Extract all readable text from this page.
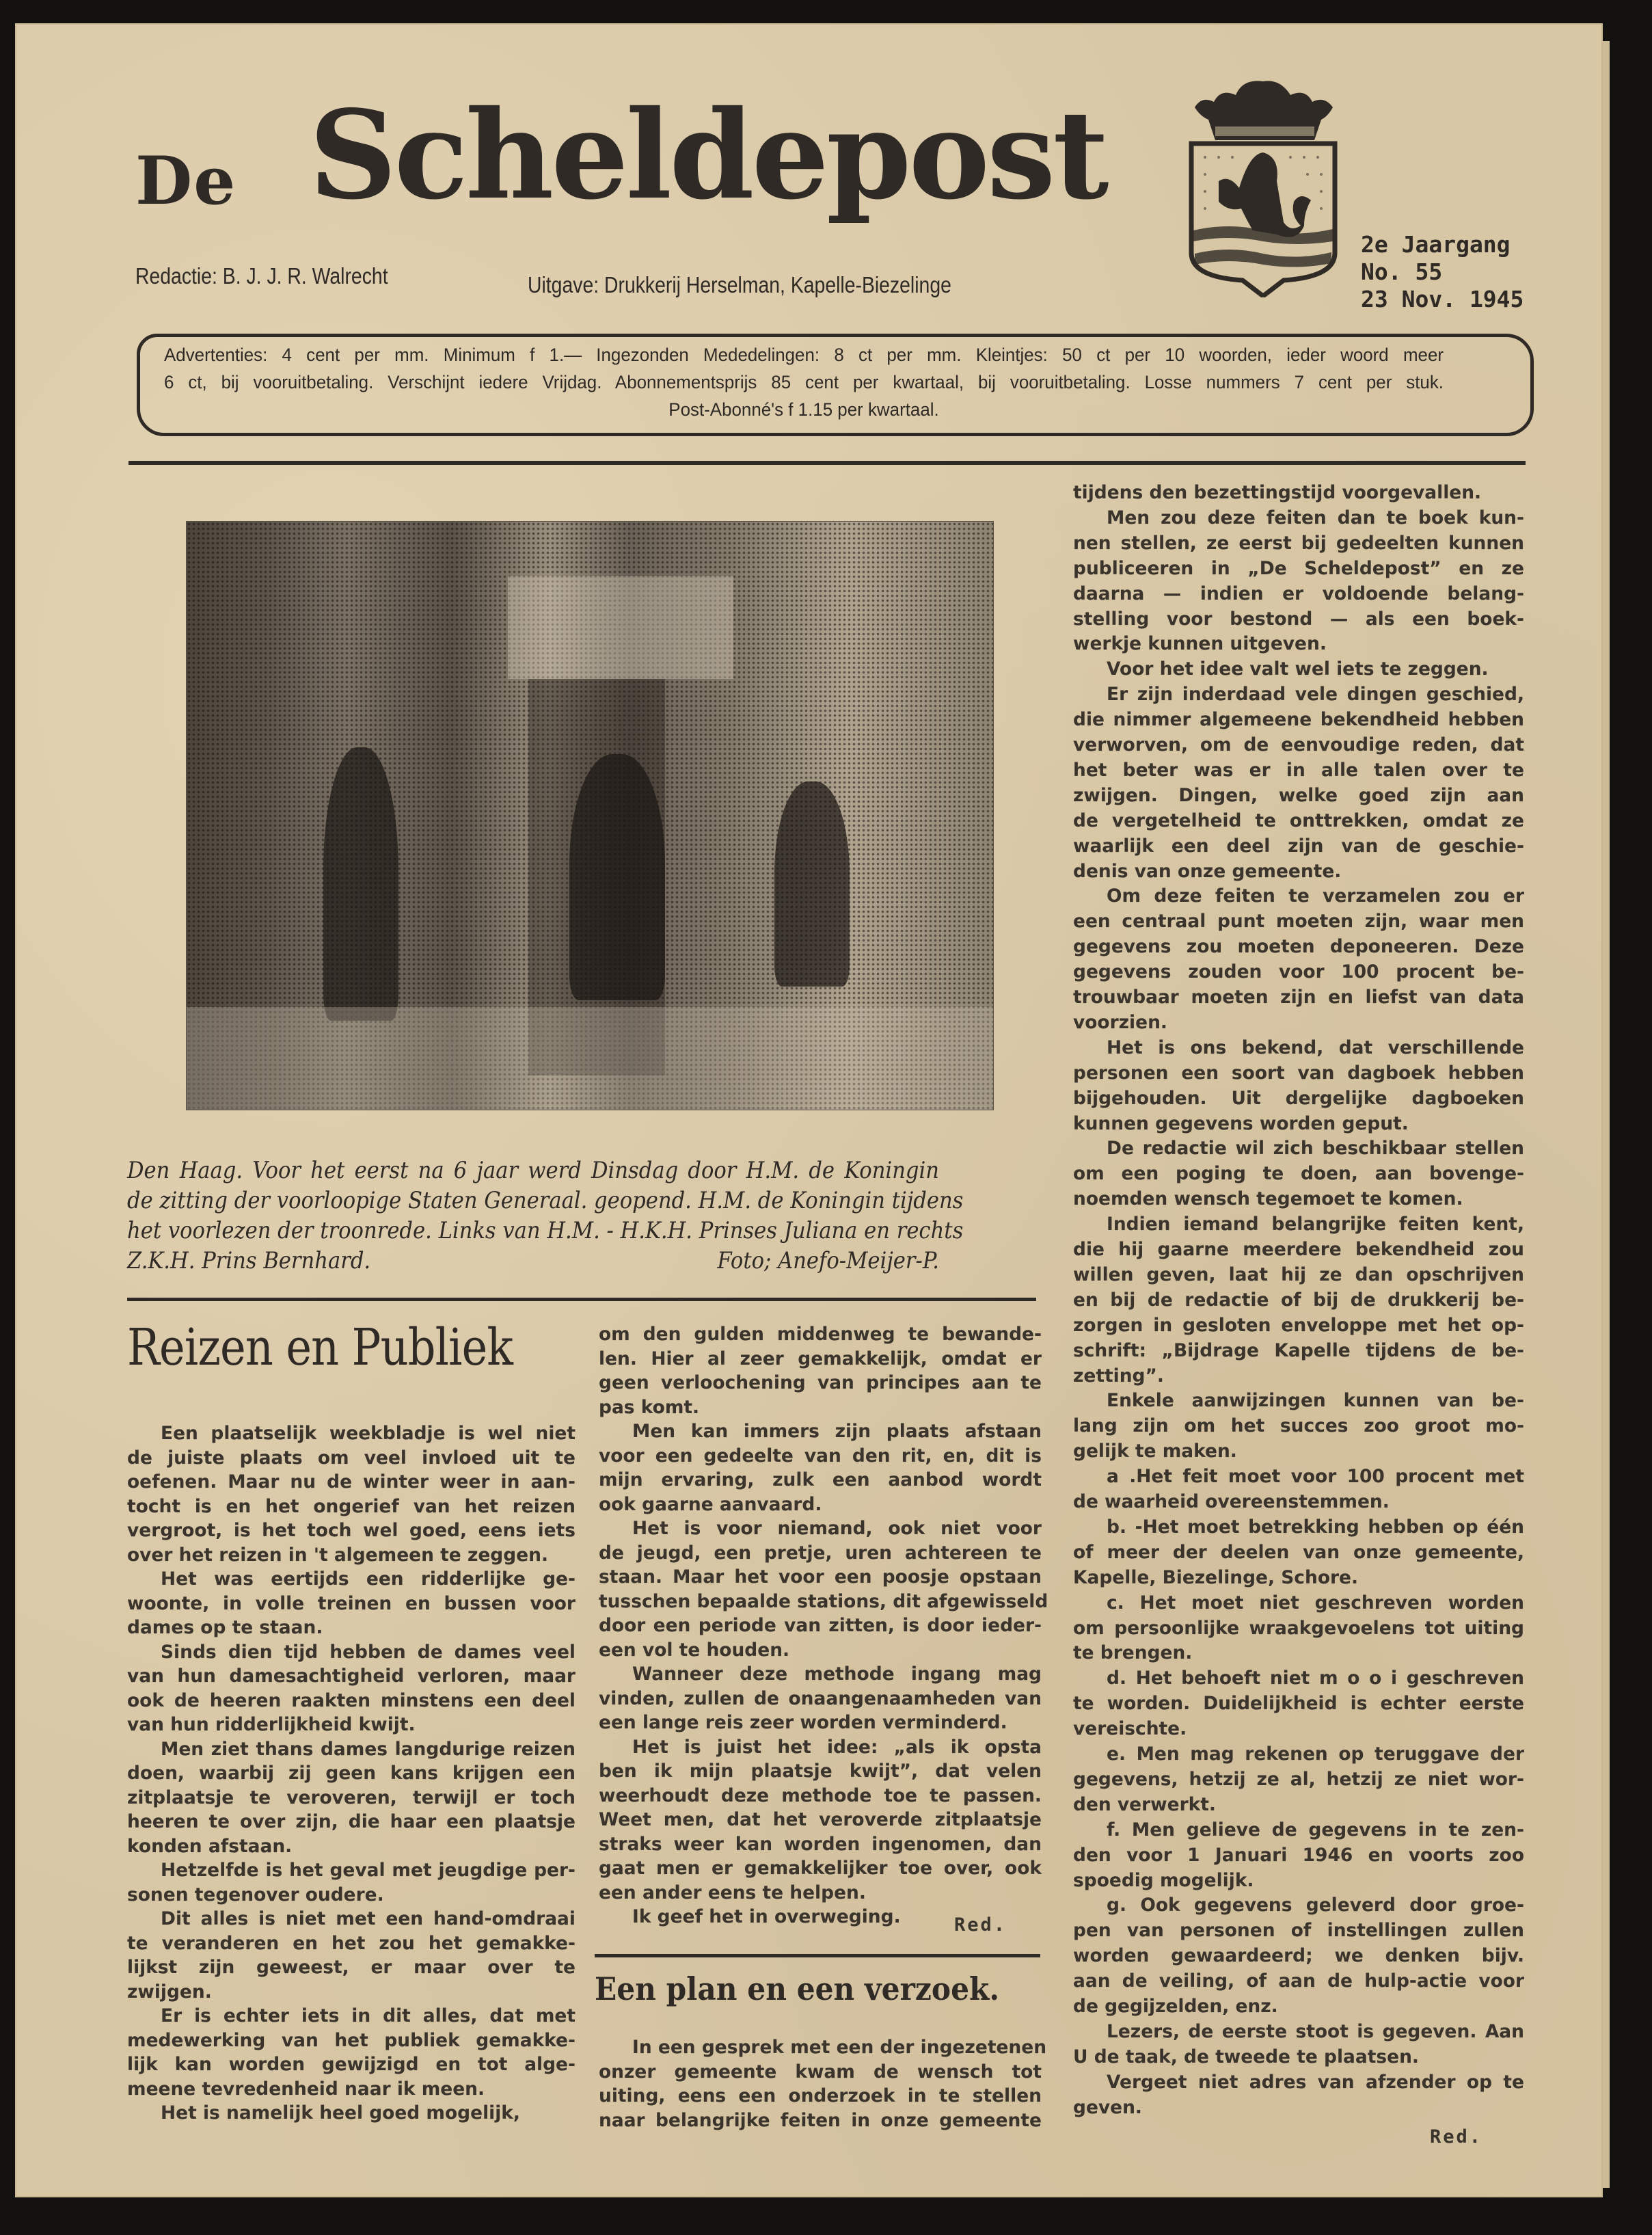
De Scheldepost
Redactie: B. J. J. R. Walrecht	Uitgave: Drukkerij Herselman, Kapelle-Biezelinge
2e Jaargang
No. 55
23 Nov. 1945
Advertenties: 4 cent per mm. Minimum f 1.— Ingezonden Mededelingen: 8 ct per mm. Kleintjes: 50 ct per 10 woorden, ieder woord meer
6 ct, bij vooruitbetaling. Verschijnt iedere Vrijdag. Abonnementsprijs 85 cent per kwartaal, bij vooruitbetaling. Losse nummers 7 cent per stuk.
Post-Abonné's f 1.15 per kwartaal.
Den Haag. Voor het eerst na 6 jaar werd Dinsdag door H.M. de Koningin
de zitting der voorloopige Staten Generaal. geopend. H.M. de Koningin tijdens
het voorlezen der troonrede. Links van H.M. - H.K.H. Prinses Juliana en rechts
Z.K.H. Prins Bernhard.	Foto; Anefo-Meijer-P.
Reizen en Publiek
Een plaatselijk weekbladje is wel niet
de juiste plaats om veel invloed uit te
oefenen. Maar nu de winter weer in aan-
tocht is en het ongerief van het reizen
vergroot, is het toch wel goed, eens iets
over het reizen in 't algemeen te zeggen.
Het was eertijds een ridderlijke ge-
woonte, in volle treinen en bussen voor
dames op te staan.
Sinds dien tijd hebben de dames veel
van hun damesachtigheid verloren, maar
ook de heeren raakten minstens een deel
van hun ridderlijkheid kwijt.
Men ziet thans dames langdurige reizen
doen, waarbij zij geen kans krijgen een
zitplaatsje te veroveren, terwijl er toch
heeren te over zijn, die haar een plaatsje
konden afstaan.
Hetzelfde is het geval met jeugdige per-
sonen tegenover oudere.
Dit alles is niet met een hand-omdraai
te veranderen en het zou het gemakke-
lijkst zijn geweest, er maar over te
zwijgen.
Er is echter iets in dit alles, dat met
medewerking van het publiek gemakke-
lijk kan worden gewijzigd en tot alge-
meene tevredenheid naar ik meen.
Het is namelijk heel goed mogelijk,
om den gulden middenweg te bewande-
len. Hier al zeer gemakkelijk, omdat er
geen verloochening van principes aan te
pas komt.
Men kan immers zijn plaats afstaan
voor een gedeelte van den rit, en, dit is
mijn ervaring, zulk een aanbod wordt
ook gaarne aanvaard.
Het is voor niemand, ook niet voor
de jeugd, een pretje, uren achtereen te
staan. Maar het voor een poosje opstaan
tusschen bepaalde stations, dit afgewisseld
door een periode van zitten, is door ieder-
een vol te houden.
Wanneer deze methode ingang mag
vinden, zullen de onaangenaamheden van
een lange reis zeer worden verminderd.
Het is juist het idee: „als ik opsta
ben ik mijn plaatsje kwijt”, dat velen
weerhoudt deze methode toe te passen.
Weet men, dat het veroverde zitplaatsje
straks weer kan worden ingenomen, dan
gaat men er gemakkelijker toe over, ook
een ander eens te helpen.
Ik geef het in overweging.	Red.
Een plan en een verzoek.
In een gesprek met een der ingezetenen
onzer gemeente kwam de wensch tot
uiting, eens een onderzoek in te stellen
naar belangrijke feiten in onze gemeente
tijdens den bezettingstijd voorgevallen.
Men zou deze feiten dan te boek kun-
nen stellen, ze eerst bij gedeelten kunnen
publiceeren in „De Scheldepost” en ze
daarna — indien er voldoende belang-
stelling voor bestond — als een boek-
werkje kunnen uitgeven.
Voor het idee valt wel iets te zeggen.
Er zijn inderdaad vele dingen geschied,
die nimmer algemeene bekendheid hebben
verworven, om de eenvoudige reden, dat
het beter was er in alle talen over te
zwijgen. Dingen, welke goed zijn aan
de vergetelheid te onttrekken, omdat ze
waarlijk een deel zijn van de geschie-
denis van onze gemeente.
Om deze feiten te verzamelen zou er
een centraal punt moeten zijn, waar men
gegevens zou moeten deponeeren. Deze
gegevens zouden voor 100 procent be-
trouwbaar moeten zijn en liefst van data
voorzien.
Het is ons bekend, dat verschillende
personen een soort van dagboek hebben
bijgehouden. Uit dergelijke dagboeken
kunnen gegevens worden geput.
De redactie wil zich beschikbaar stellen
om een poging te doen, aan bovenge-
noemden wensch tegemoet te komen.
Indien iemand belangrijke feiten kent,
die hij gaarne meerdere bekendheid zou
willen geven, laat hij ze dan opschrijven
en bij de redactie of bij de drukkerij be-
zorgen in gesloten enveloppe met het op-
schrift: „Bijdrage Kapelle tijdens de be-
zetting”.
Enkele aanwijzingen kunnen van be-
lang zijn om het succes zoo groot mo-
gelijk te maken.
a .Het feit moet voor 100 procent met
de waarheid overeenstemmen.
b. -Het moet betrekking hebben op één
of meer der deelen van onze gemeente,
Kapelle, Biezelinge, Schore.
c. Het moet niet geschreven worden
om persoonlijke wraakgevoelens tot uiting
te brengen.
d. Het behoeft niet m o o i geschreven
te worden. Duidelijkheid is echter eerste
vereischte.
e. Men mag rekenen op teruggave der
gegevens, hetzij ze al, hetzij ze niet wor-
den verwerkt.
f. Men gelieve de gegevens in te zen-
den voor 1 Januari 1946 en voorts zoo
spoedig mogelijk.
g. Ook gegevens geleverd door groe-
pen van personen of instellingen zullen
worden gewaardeerd; we denken bijv.
aan de veiling, of aan de hulp-actie voor
de gegijzelden, enz.
Lezers, de eerste stoot is gegeven. Aan
U de taak, de tweede te plaatsen.
Vergeet niet adres van afzender op te
geven.
Red.
